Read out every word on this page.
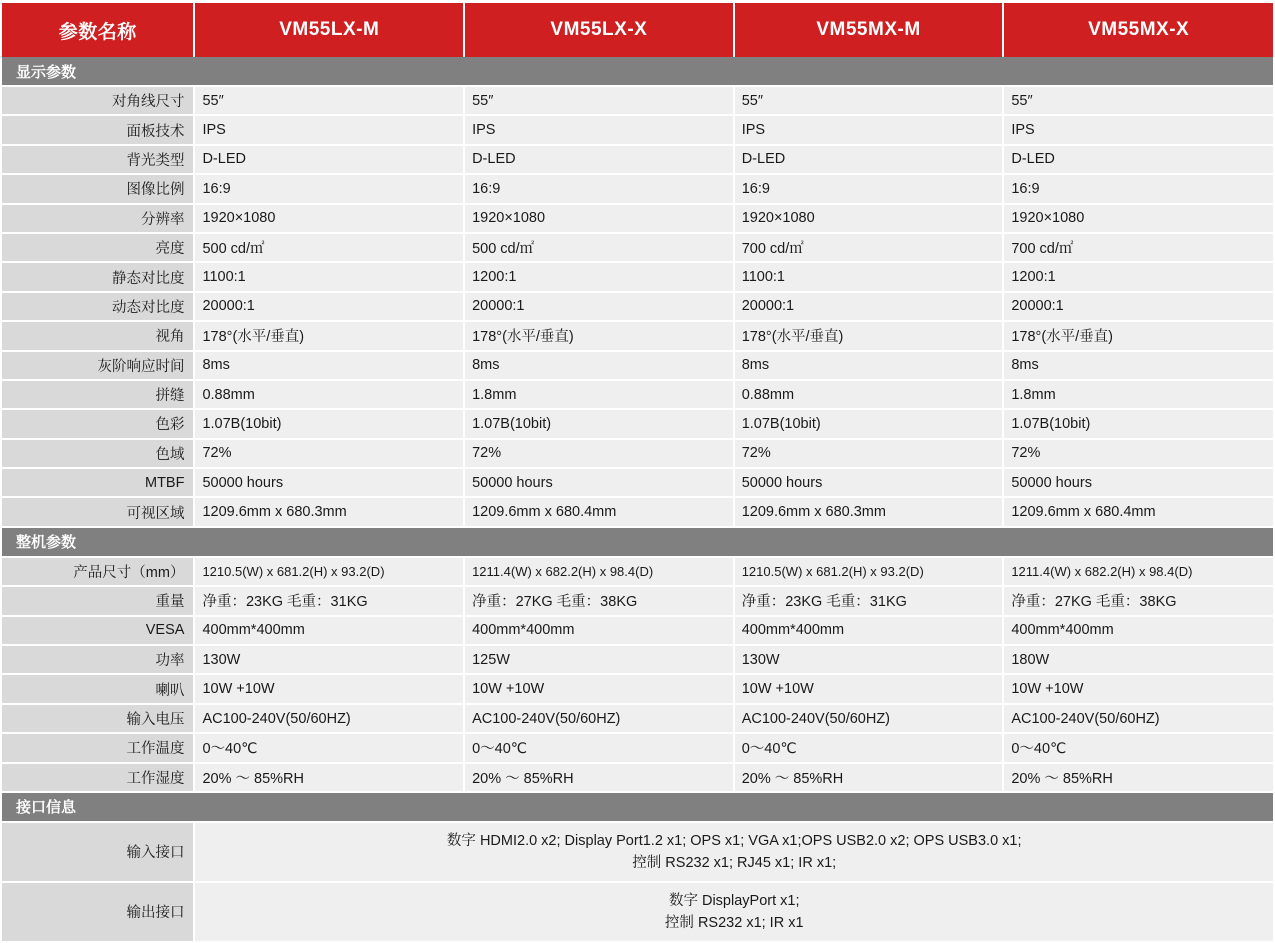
参数名称	VM55LX-M	VM55LX-X	VM55MX-M	VM55MX-X
显示参数				
对角线尺寸	55″	55″	55″	55″
面板技术	IPS	IPS	IPS	IPS
背光类型	D-LED	D-LED	D-LED	D-LED
图像比例	16:9	16:9	16:9	16:9
分辨率	1920×1080	1920×1080	1920×1080	1920×1080
亮度	500 cd/㎡	500 cd/㎡	700 cd/㎡	700 cd/㎡
静态对比度	1100:1	1200:1	1100:1	1200:1
动态对比度	20000:1	20000:1	20000:1	20000:1
视角	178°(水平/垂直)	178°(水平/垂直)	178°(水平/垂直)	178°(水平/垂直)
灰阶响应时间	8ms	8ms	8ms	8ms
拼缝	0.88mm	1.8mm	0.88mm	1.8mm
色彩	1.07B(10bit)	1.07B(10bit)	1.07B(10bit)	1.07B(10bit)
色域	72%	72%	72%	72%
MTBF	50000 hours	50000 hours	50000 hours	50000 hours
可视区域	1209.6mm x 680.3mm	1209.6mm x 680.4mm	1209.6mm x 680.3mm	1209.6mm x 680.4mm
整机参数				
产品尺寸（mm）	1210.5(W) x 681.2(H) x 93.2(D)	1211.4(W) x 682.2(H) x 98.4(D)	1210.5(W) x 681.2(H) x 93.2(D)	1211.4(W) x 682.2(H) x 98.4(D)
重量	净重：23KG 毛重：31KG	净重：27KG 毛重：38KG	净重：23KG 毛重：31KG	净重：27KG 毛重：38KG
VESA	400mm*400mm	400mm*400mm	400mm*400mm	400mm*400mm
功率	130W	125W	130W	180W
喇叭	10W +10W	10W +10W	10W +10W	10W +10W
输入电压	AC100-240V(50/60HZ)	AC100-240V(50/60HZ)	AC100-240V(50/60HZ)	AC100-240V(50/60HZ)
工作温度	0～40℃	0～40℃	0～40℃	0～40℃
工作湿度	20% ～ 85%RH	20% ～ 85%RH	20% ～ 85%RH	20% ～ 85%RH
接口信息				
输入接口	数字 HDMI2.0 x2; Display Port1.2 x1; OPS x1; VGA x1;OPS USB2.0 x2; OPS USB3.0 x1;
控制 RS232 x1; RJ45 x1; IR x1;			

输出接口	数字 DisplayPort x1;
控制 RS232 x1; IR x1			
